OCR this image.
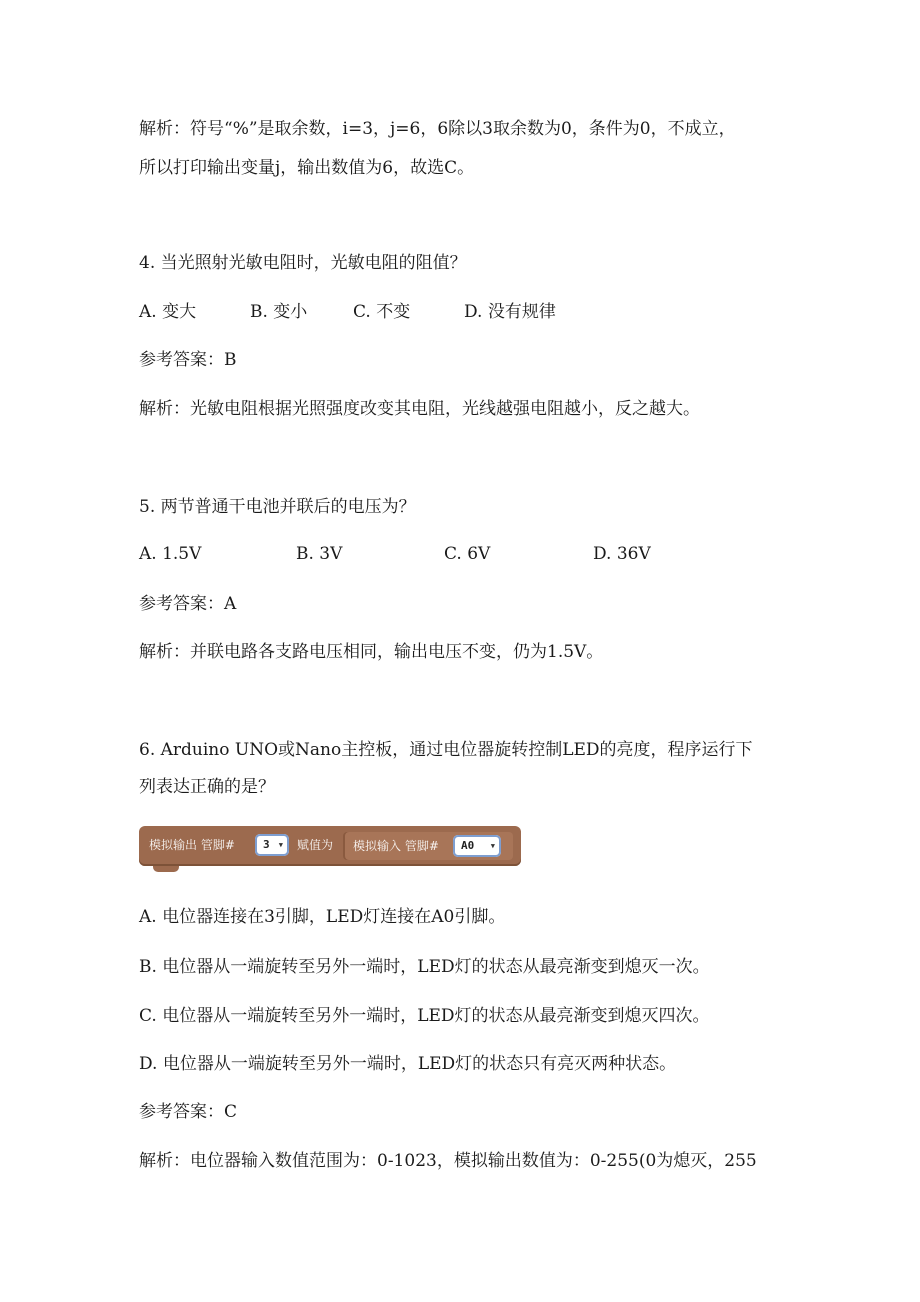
解析：符号“%”是取余数，i=3，j=6，6除以3取余数为0，条件为0，不成立，
所以打印输出变量j，输出数值为6，故选C。
4. 当光照射光敏电阻时，光敏电阻的阻值？
A. 变大	B. 变小	C. 不变	D. 没有规律
参考答案：B
解析：光敏电阻根据光照强度改变其电阻，光线越强电阻越小，反之越大。
5. 两节普通干电池并联后的电压为？
A. 1.5V	B. 3V	C. 6V	D. 36V
参考答案：A
解析：并联电路各支路电压相同，输出电压不变，仍为1.5V。
6. Arduino UNO或Nano主控板，通过电位器旋转控制LED的亮度，程序运行下
列表达正确的是？
模拟输出 管脚#	3 ▼ 赋值为 模拟输入 管脚#	A0 ▼
A. 电位器连接在3引脚，LED灯连接在A0引脚。
B. 电位器从一端旋转至另外一端时，LED灯的状态从最亮渐变到熄灭一次。
C. 电位器从一端旋转至另外一端时，LED灯的状态从最亮渐变到熄灭四次。
D. 电位器从一端旋转至另外一端时，LED灯的状态只有亮灭两种状态。
参考答案：C
解析：电位器输入数值范围为：0-1023，模拟输出数值为：0-255(0为熄灭，255
